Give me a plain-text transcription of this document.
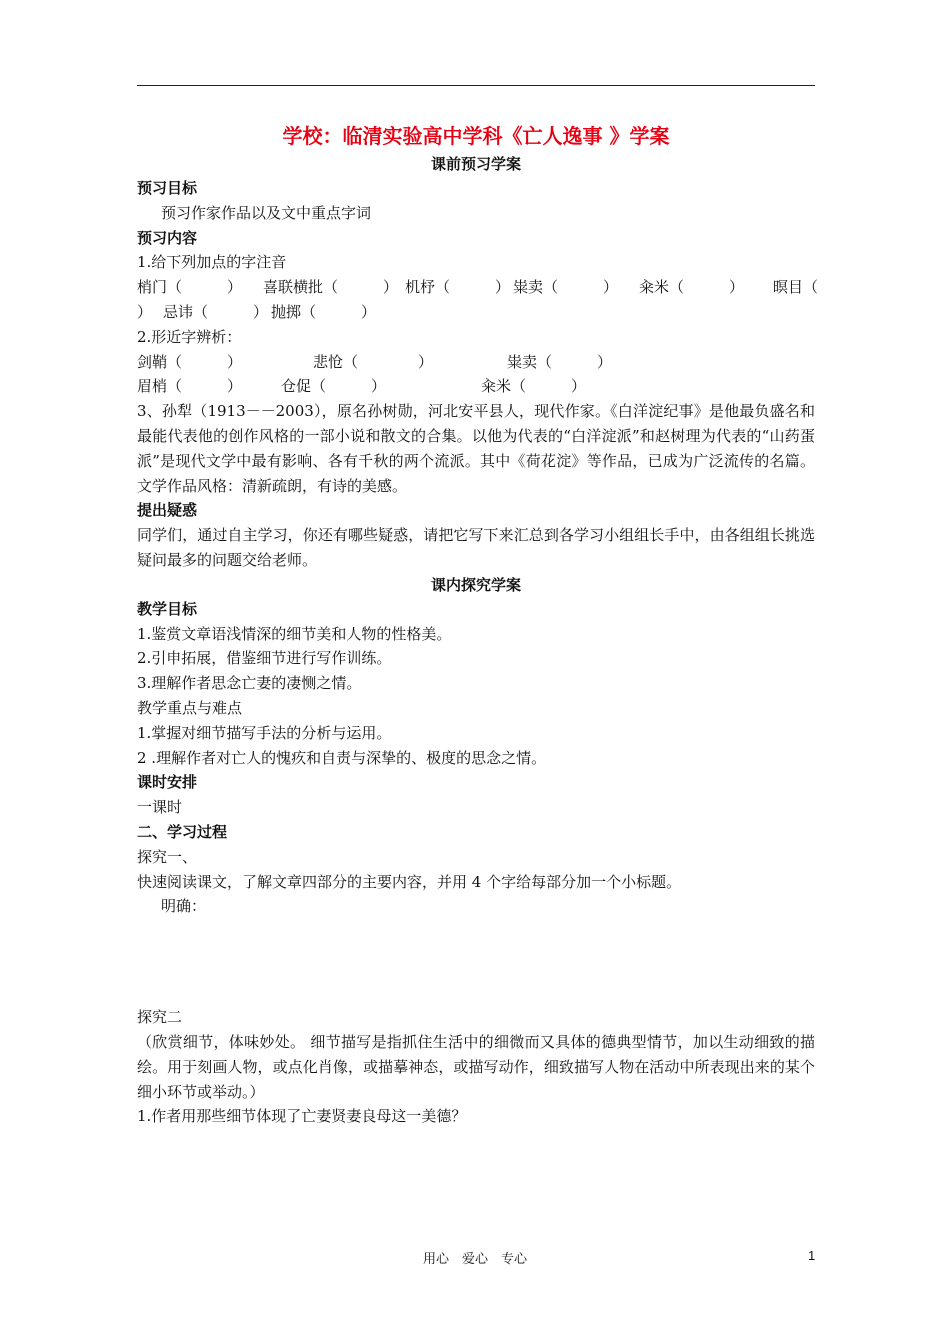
学校：临清实验高中学科《亡人逸事 》学案
课前预习学案
预习目标
预习作家作品以及文中重点字词
预习内容
1.给下列加点的字注音
梢门（　　　） 喜联横批（　　　） 机杼（　　　） 粜卖（　　　） 籴米（　　　） 暝目（
） 忌讳（　　　） 抛掷（　　　）
2.形近字辨析：
剑鞘（　　　）	悲怆（　　　　）	粜卖（　　　）
眉梢（　　　）	仓促（　　　）	籴米（　　　）
3、孙犁（1913－－2003），原名孙树勋，河北安平县人，现代作家。《白洋淀纪事》是他最负盛名和最能代表他的创作风格的一部小说和散文的合集。以他为代表的“白洋淀派”和赵树理为代表的“山药蛋派”是现代文学中最有影响、各有千秋的两个流派。其中《荷花淀》等作品，已成为广泛流传的名篇。文学作品风格：清新疏朗，有诗的美感。
提出疑惑
同学们，通过自主学习，你还有哪些疑惑，请把它写下来汇总到各学习小组组长手中，由各组组长挑选疑问最多的问题交给老师。
课内探究学案
教学目标
1.鉴赏文章语浅情深的细节美和人物的性格美。
2.引申拓展，借鉴细节进行写作训练。
3.理解作者思念亡妻的凄恻之情。
教学重点与难点
1.掌握对细节描写手法的分析与运用。
2 .理解作者对亡人的愧疚和自责与深挚的、极度的思念之情。
课时安排
一课时
二、学习过程
探究一、
快速阅读课文，了解文章四部分的主要内容，并用 4 个字给每部分加一个小标题。
明确：
探究二
（欣赏细节，体味妙处。 细节描写是指抓住生活中的细微而又具体的德典型情节，加以生动细致的描绘。用于刻画人物，或点化肖像，或描摹神态，或描写动作，细致描写人物在活动中所表现出来的某个细小环节或举动。）
1.作者用那些细节体现了亡妻贤妻良母这一美德？
用心　爱心　专心	1
